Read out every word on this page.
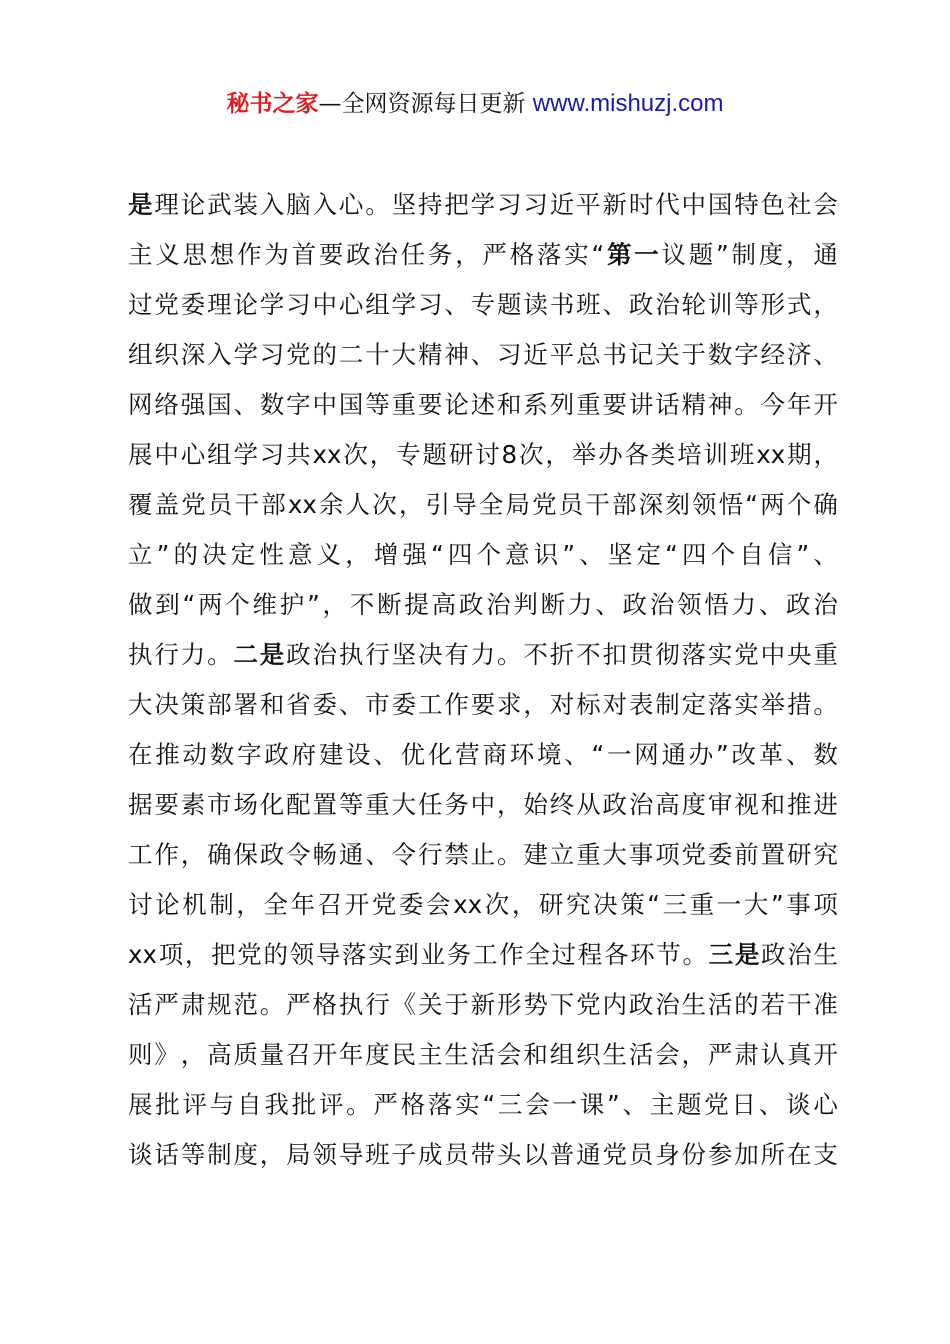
秘书之家—全网资源每日更新 www.mishuzj.com
是 理 论 武 装 入 脑 入 心 。 坚 持 把 学 习 习 近 平 新 时 代 中 国 特 色 社 会
主 义 思 想 作 为 首 要 政 治 任 务 ， 严 格 落 实 “ 第 一 议 题 ” 制 度 ， 通
过 党 委 理 论 学 习 中 心 组 学 习 、 专 题 读 书 班 、 政 治 轮 训 等 形 式 ，
组 织 深 入 学 习 党 的 二 十 大 精 神 、 习 近 平 总 书 记 关 于 数 字 经 济 、
网 络 强 国 、 数 字 中 国 等 重 要 论 述 和 系 列 重 要 讲 话 精 神 。 今 年 开
展 中 心 组 学 习 共 xx 次 ， 专 题 研 讨 8 次 ， 举 办 各 类 培 训 班 xx 期 ，
覆 盖 党 员 干 部 xx 余 人 次 ， 引 导 全 局 党 员 干 部 深 刻 领 悟 “ 两 个 确
立 ” 的 决 定 性 意 义 ， 增 强 “ 四 个 意 识 ” 、 坚 定 “ 四 个 自 信 ” 、
做 到 “ 两 个 维 护 ” ， 不 断 提 高 政 治 判 断 力 、 政 治 领 悟 力 、 政 治
执 行 力 。 二 是 政 治 执 行 坚 决 有 力 。 不 折 不 扣 贯 彻 落 实 党 中 央 重
大 决 策 部 署 和 省 委 、 市 委 工 作 要 求 ， 对 标 对 表 制 定 落 实 举 措 。
在 推 动 数 字 政 府 建 设 、 优 化 营 商 环 境 、 “ 一 网 通 办 ” 改 革 、 数
据 要 素 市 场 化 配 置 等 重 大 任 务 中 ， 始 终 从 政 治 高 度 审 视 和 推 进
工 作 ， 确 保 政 令 畅 通 、 令 行 禁 止 。 建 立 重 大 事 项 党 委 前 置 研 究
讨 论 机 制 ， 全 年 召 开 党 委 会 xx 次 ， 研 究 决 策 “ 三 重 一 大 ” 事 项
xx 项 ， 把 党 的 领 导 落 实 到 业 务 工 作 全 过 程 各 环 节 。 三 是 政 治 生
活 严 肃 规 范 。 严 格 执 行 《 关 于 新 形 势 下 党 内 政 治 生 活 的 若 干 准
则 》 ， 高 质 量 召 开 年 度 民 主 生 活 会 和 组 织 生 活 会 ， 严 肃 认 真 开
展 批 评 与 自 我 批 评 。 严 格 落 实 “ 三 会 一 课 ” 、 主 题 党 日 、 谈 心
谈 话 等 制 度 ， 局 领 导 班 子 成 员 带 头 以 普 通 党 员 身 份 参 加 所 在 支
